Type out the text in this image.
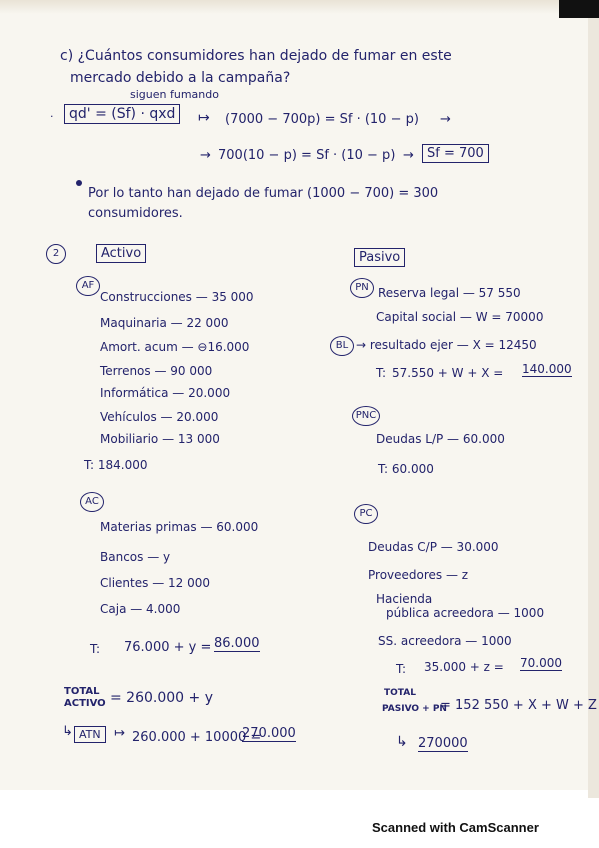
c) ¿Cuántos consumidores han dejado de fumar en este
mercado debido a la campaña?
siguen fumando
·	qd' = (Sf) · qxd	↦ (7000 − 700p) = Sf · (10 − p) →
→ 700(10 − p) = Sf · (10 − p) →	Sf = 700
Por lo tanto han dejado de fumar (1000 − 700) = 300
consumidores.
2	Activo
AF
Construcciones — 35 000
Maquinaria — 22 000
Amort. acum — ⊖16.000
Terrenos — 90 000
Informática — 20.000
Vehículos — 20.000
Mobiliario — 13 000
T: 184.000
AC
Materias primas — 60.000
Bancos — y
Clientes — 12 000
Caja — 4.000
T: 76.000 + y = 86.000
TOTAL
ACTIVO = 260.000 + y
↳ ATN	↦ 260.000 + 10000 =
270.000
Pasivo
PN Reserva legal — 57 550
Capital social — W = 70000
BL → resultado ejer — X = 12450
T: 57.550 + W + X = 140.000
PNC
Deudas L/P — 60.000
T: 60.000
PC
Deudas C/P — 30.000
Proveedores — z
Hacienda
pública acreedora — 1000
SS. acreedora — 1000
T: 35.000 + z = 70.000
TOTAL
PASIVO + PN
= 152 550 + X + W + Z
↳ 270000
Scanned with CamScanner
